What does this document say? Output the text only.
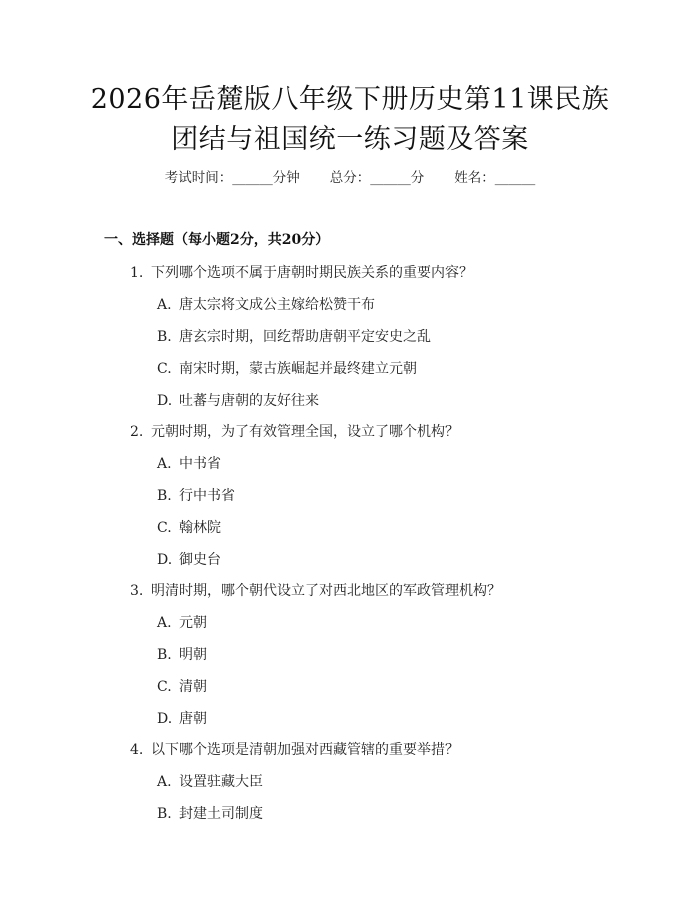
2026年岳麓版八年级下册历史第11课民族
团结与祖国统一练习题及答案
考试时间：______分钟 总分：______分 姓名：______
一、选择题（每小题2分，共20分）
1. 下列哪个选项不属于唐朝时期民族关系的重要内容？
A. 唐太宗将文成公主嫁给松赞干布
B. 唐玄宗时期，回纥帮助唐朝平定安史之乱
C. 南宋时期，蒙古族崛起并最终建立元朝
D. 吐蕃与唐朝的友好往来
2. 元朝时期，为了有效管理全国，设立了哪个机构？
A. 中书省
B. 行中书省
C. 翰林院
D. 御史台
3. 明清时期，哪个朝代设立了对西北地区的军政管理机构？
A. 元朝
B. 明朝
C. 清朝
D. 唐朝
4. 以下哪个选项是清朝加强对西藏管辖的重要举措？
A. 设置驻藏大臣
B. 封建土司制度
